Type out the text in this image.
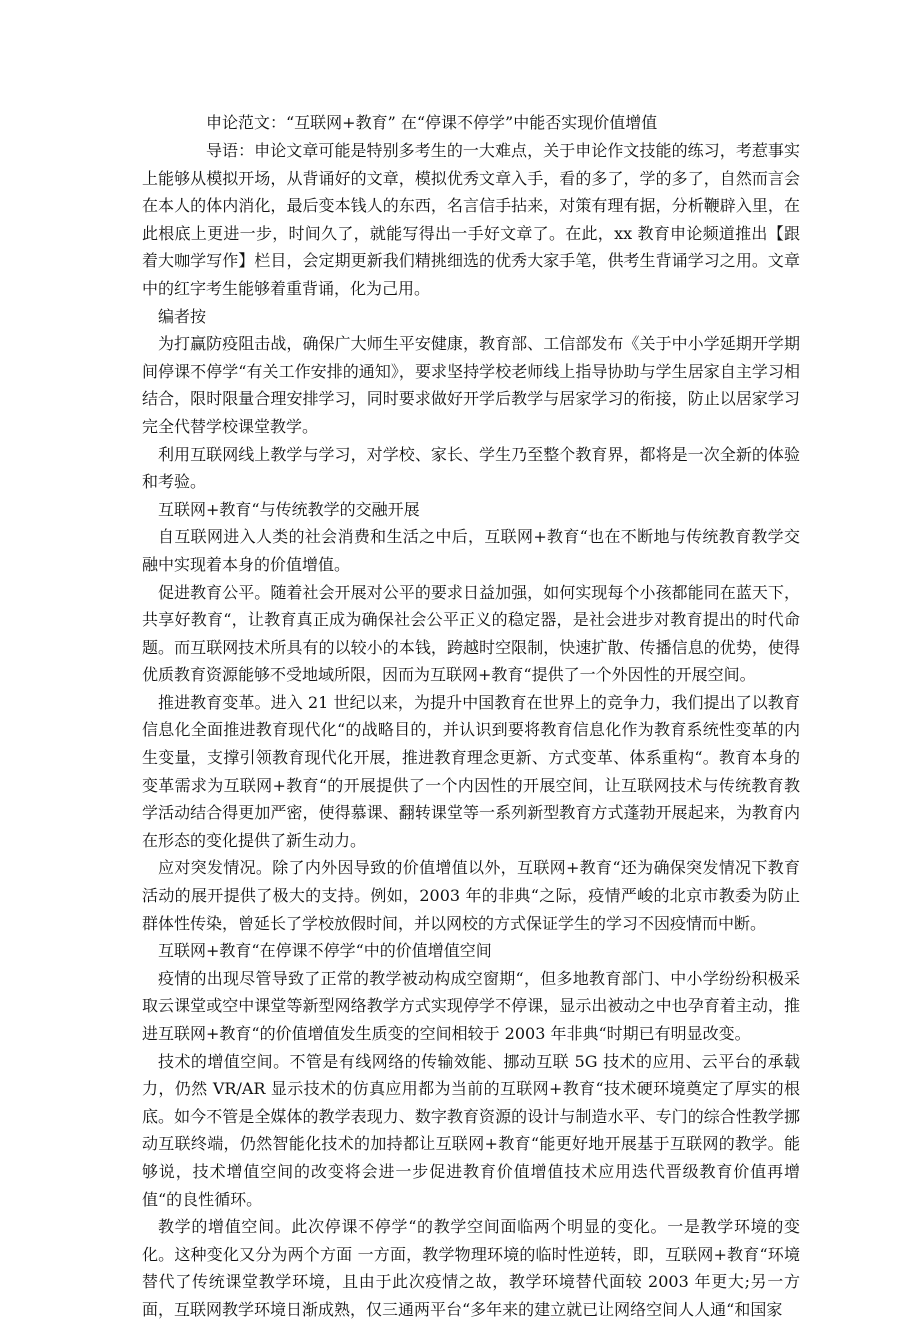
申论范文：“互联网+教育” 在“停课不停学”中能否实现价值增值

导语：申论文章可能是特别多考生的一大难点，关于申论作文技能的练习，考惹事实上能够从模拟开场，从背诵好的文章，模拟优秀文章入手，看的多了，学的多了，自然而言会在本人的体内消化，最后变本钱人的东西，名言信手拈来，对策有理有据，分析鞭辟入里，在此根底上更进一步，时间久了，就能写得出一手好文章了。在此，xx 教育申论频道推出【跟着大咖学写作】栏目，会定期更新我们精挑细选的优秀大家手笔，供考生背诵学习之用。文章中的红字考生能够着重背诵，化为己用。

编者按

为打赢防疫阻击战，确保广大师生平安健康，教育部、工信部发布《关于中小学延期开学期间停课不停学“有关工作安排的通知》，要求坚持学校老师线上指导协助与学生居家自主学习相结合，限时限量合理安排学习，同时要求做好开学后教学与居家学习的衔接，防止以居家学习完全代替学校课堂教学。

利用互联网线上教学与学习，对学校、家长、学生乃至整个教育界，都将是一次全新的体验和考验。

互联网+教育“与传统教学的交融开展

自互联网进入人类的社会消费和生活之中后，互联网+教育“也在不断地与传统教育教学交融中实现着本身的价值增值。

促进教育公平。随着社会开展对公平的要求日益加强，如何实现每个小孩都能同在蓝天下，共享好教育“，让教育真正成为确保社会公平正义的稳定器，是社会进步对教育提出的时代命题。而互联网技术所具有的以较小的本钱，跨越时空限制，快速扩散、传播信息的优势，使得优质教育资源能够不受地域所限，因而为互联网+教育“提供了一个外因性的开展空间。

推进教育变革。进入 21 世纪以来，为提升中国教育在世界上的竞争力，我们提出了以教育信息化全面推进教育现代化“的战略目的，并认识到要将教育信息化作为教育系统性变革的内生变量，支撑引领教育现代化开展，推进教育理念更新、方式变革、体系重构“。教育本身的变革需求为互联网+教育“的开展提供了一个内因性的开展空间，让互联网技术与传统教育教学活动结合得更加严密，使得慕课、翻转课堂等一系列新型教育方式蓬勃开展起来，为教育内在形态的变化提供了新生动力。

应对突发情况。除了内外因导致的价值增值以外，互联网+教育“还为确保突发情况下教育活动的展开提供了极大的支持。例如，2003 年的非典“之际，疫情严峻的北京市教委为防止群体性传染，曾延长了学校放假时间，并以网校的方式保证学生的学习不因疫情而中断。

互联网+教育“在停课不停学“中的价值增值空间

疫情的出现尽管导致了正常的教学被动构成空窗期“，但多地教育部门、中小学纷纷积极采取云课堂或空中课堂等新型网络教学方式实现停学不停课，显示出被动之中也孕育着主动，推进互联网+教育“的价值增值发生质变的空间相较于 2003 年非典“时期已有明显改变。

技术的增值空间。不管是有线网络的传输效能、挪动互联 5G 技术的应用、云平台的承载力，仍然 VR/AR 显示技术的仿真应用都为当前的互联网+教育“技术硬环境奠定了厚实的根底。如今不管是全媒体的教学表现力、数字教育资源的设计与制造水平、专门的综合性教学挪动互联终端，仍然智能化技术的加持都让互联网+教育“能更好地开展基于互联网的教学。能够说，技术增值空间的改变将会进一步促进教育价值增值技术应用迭代晋级教育价值再增值“的良性循环。

教学的增值空间。此次停课不停学“的教学空间面临两个明显的变化。一是教学环境的变化。这种变化又分为两个方面 一方面，教学物理环境的临时性逆转，即，互联网+教育“环境替代了传统课堂教学环境，且由于此次疫情之故，教学环境替代面较 2003 年更大;另一方面，互联网教学环境日渐成熟，仅三通两平台“多年来的建立就已让网络空间人人通“和国家
